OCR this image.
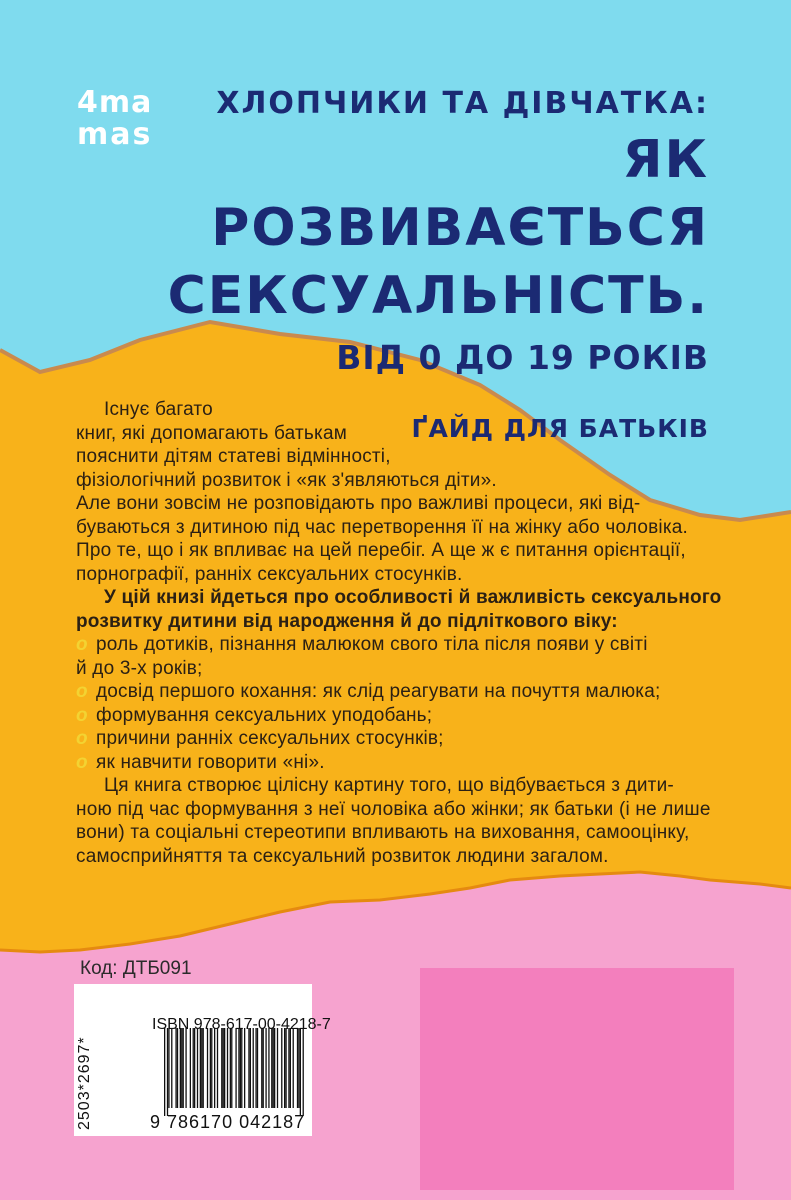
4ma
mas
ХЛОПЧИКИ ТА ДІВЧАТКА:
ЯК РОЗВИВАЄТЬСЯ
СЕКСУАЛЬНІСТЬ.
ВІД 0 ДО 19 РОКІВ
ҐАЙД ДЛЯ БАТЬКІВ

Існує багато

книг, які допомагають батькам

пояснити дітям статеві відмінності,

фізіологічний розвиток і «як з'являються діти».

Але вони зовсім не розповідають про важливі процеси, які від-

буваються з дитиною під час перетворення її на жінку або чоловіка.

Про те, що і як впливає на цей перебіг. А ще ж є питання орієнтації,

порнографії, ранніх сексуальних стосунків.

У цій книзі йдеться про особливості й важливість сексуального

розвитку дитини від народження й до підліткового віку:

o роль дотиків, пізнання малюком свого тіла після появи у світі
й до 3-х років;
o досвід першого кохання: як слід реагувати на почуття малюка;
o формування сексуальних уподобань;
o причини ранніх сексуальних стосунків;
o як навчити говорити «ні».

Ця книга створює цілісну картину того, що відбувається з дити-

ною під час формування з неї чоловіка або жінки; як батьки (і не лише

вони) та соціальні стереотипи впливають на виховання, самооцінку,

самосприйняття та сексуальний розвиток людини загалом.

Код: ДТБ091
ISBN 978-617-00-4218-7
2503*2697*	9 786170 042187
